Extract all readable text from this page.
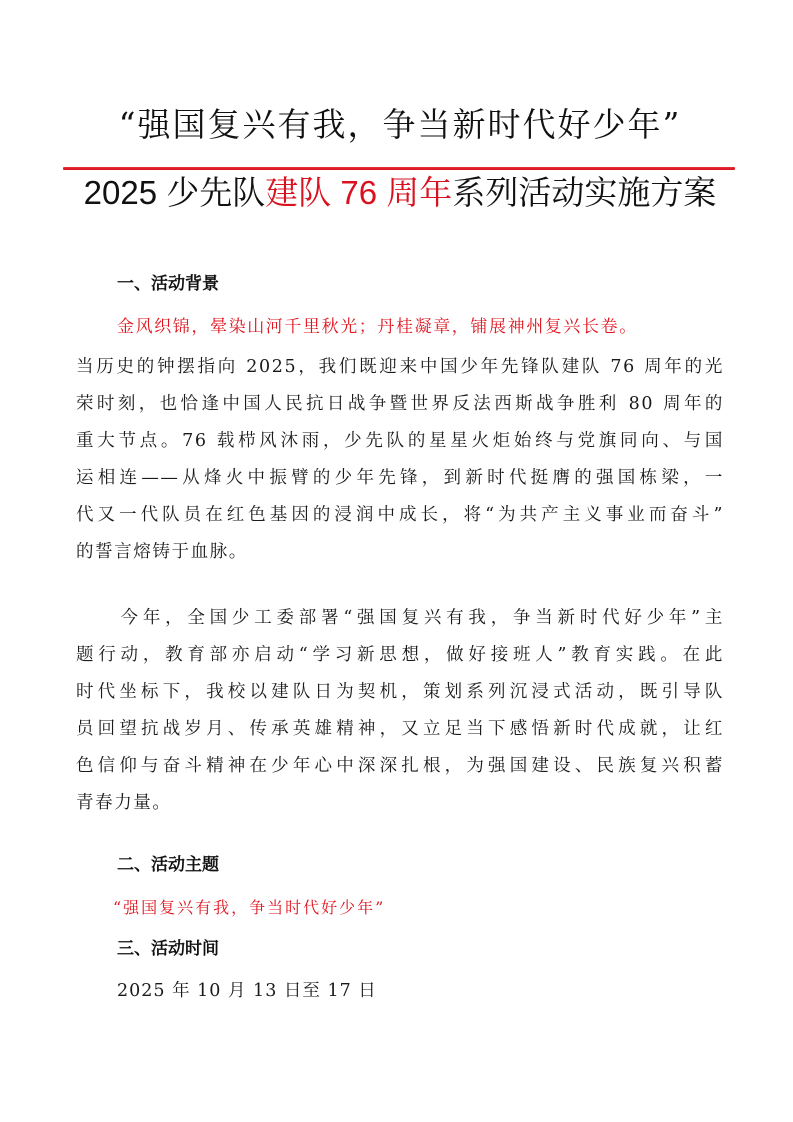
“强国复兴有我，争当新时代好少年”
2025 少先队建队 76 周年系列活动实施方案
一、活动背景
金风织锦，晕染山河千里秋光；丹桂凝章，铺展神州复兴长卷。
当历史的钟摆指向 2025，我们既迎来中国少年先锋队建队 76 周年的光
荣时刻，也恰逢中国人民抗日战争暨世界反法西斯战争胜利 80 周年的
重大节点。76 载栉风沐雨，少先队的星星火炬始终与党旗同向、与国
运相连——从烽火中振臂的少年先锋，到新时代挺膺的强国栋梁，一
代又一代队员在红色基因的浸润中成长，将“为共产主义事业而奋斗”
的誓言熔铸于血脉。
　　今年，全国少工委部署“强国复兴有我，争当新时代好少年”主
题行动，教育部亦启动“学习新思想，做好接班人”教育实践。在此
时代坐标下，我校以建队日为契机，策划系列沉浸式活动，既引导队
员回望抗战岁月、传承英雄精神，又立足当下感悟新时代成就，让红
色信仰与奋斗精神在少年心中深深扎根，为强国建设、民族复兴积蓄
青春力量。
二、活动主题
“强国复兴有我，争当时代好少年”
三、活动时间
2025 年 10 月 13 日至 17 日
